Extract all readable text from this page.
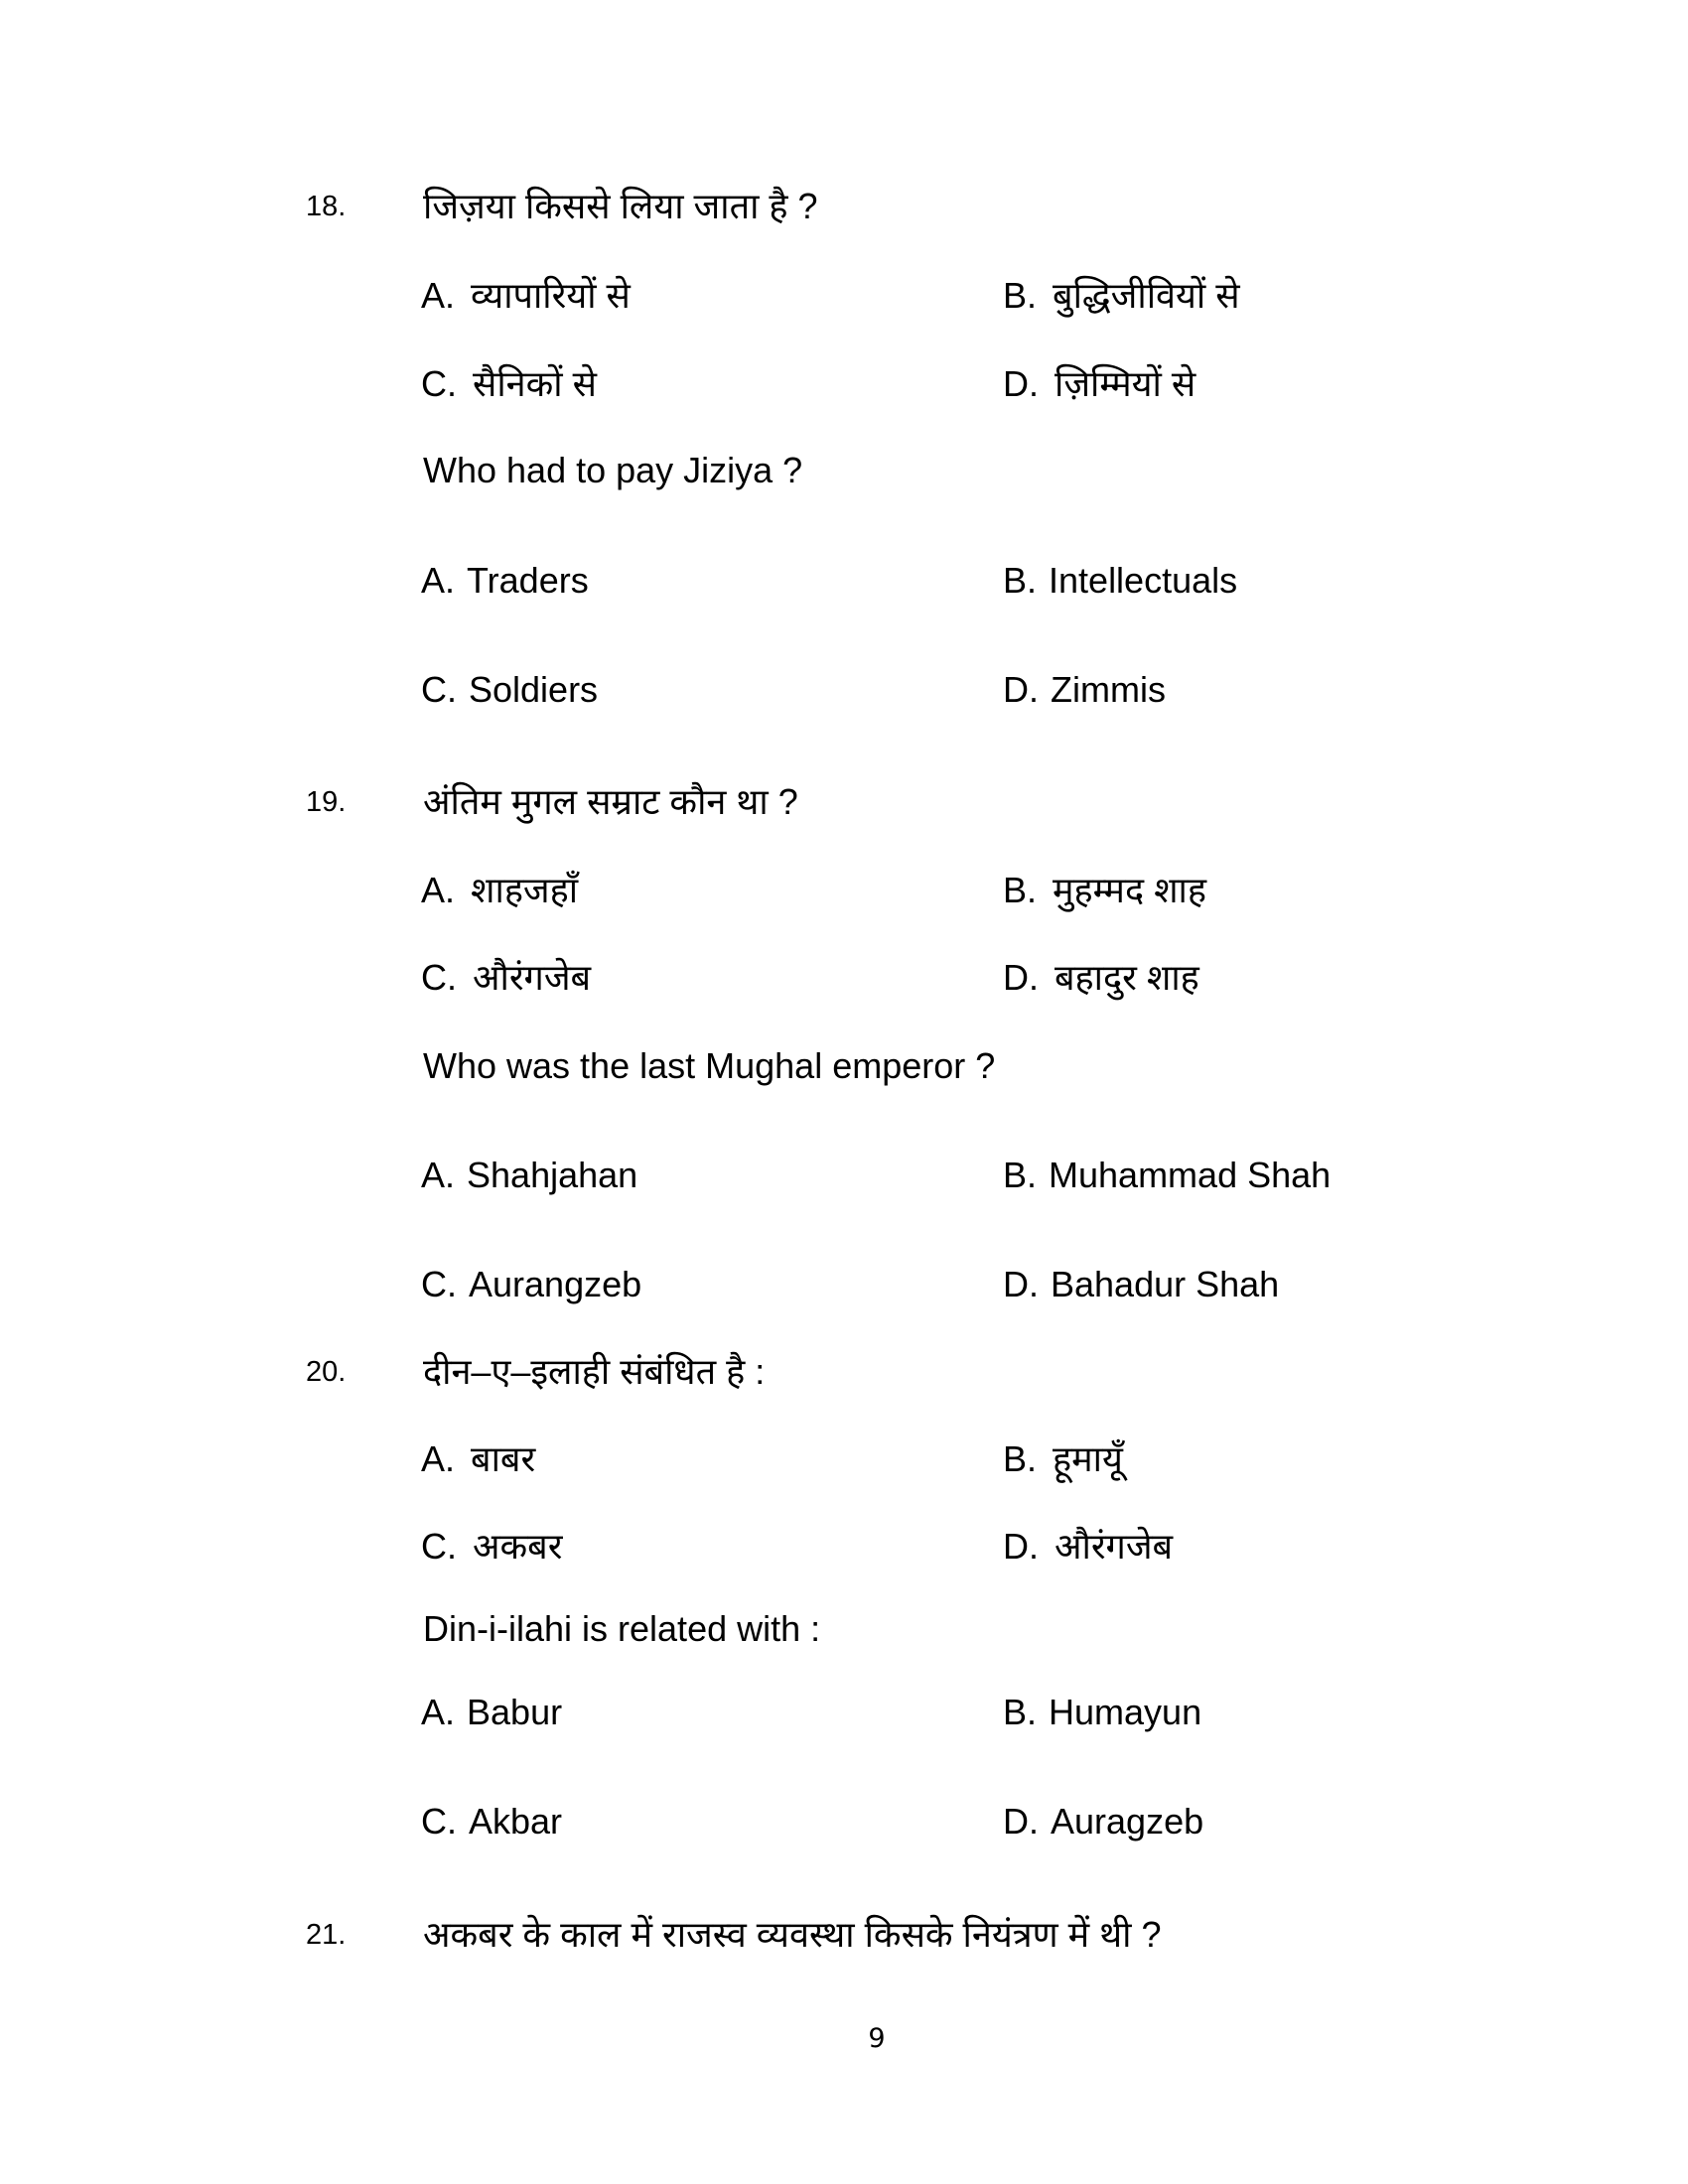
18. जिज़या किससे लिया जाता है ?
A. व्यापारियों से	B. बुद्धिजीवियों से
C. सैनिकों से	D. ज़िम्मियों से
Who had to pay Jiziya ?
A. Traders	B. Intellectuals
C. Soldiers	D. Zimmis
19. अंतिम मुगल सम्राट कौन था ?
A. शाहजहाँ	B. मुहम्मद शाह
C. औरंगजेब	D. बहादुर शाह
Who was the last Mughal emperor ?
A. Shahjahan	B. Muhammad Shah
C. Aurangzeb	D. Bahadur Shah
20. दीन–ए–इलाही संबंधित है :
A. बाबर	B. हूमायूँ
C. अकबर	D. औरंगजेब
Din-i-ilahi is related with :
A. Babur	B. Humayun
C. Akbar	D. Auragzeb
21. अकबर के काल में राजस्व व्यवस्था किसके नियंत्रण में थी ?
9
